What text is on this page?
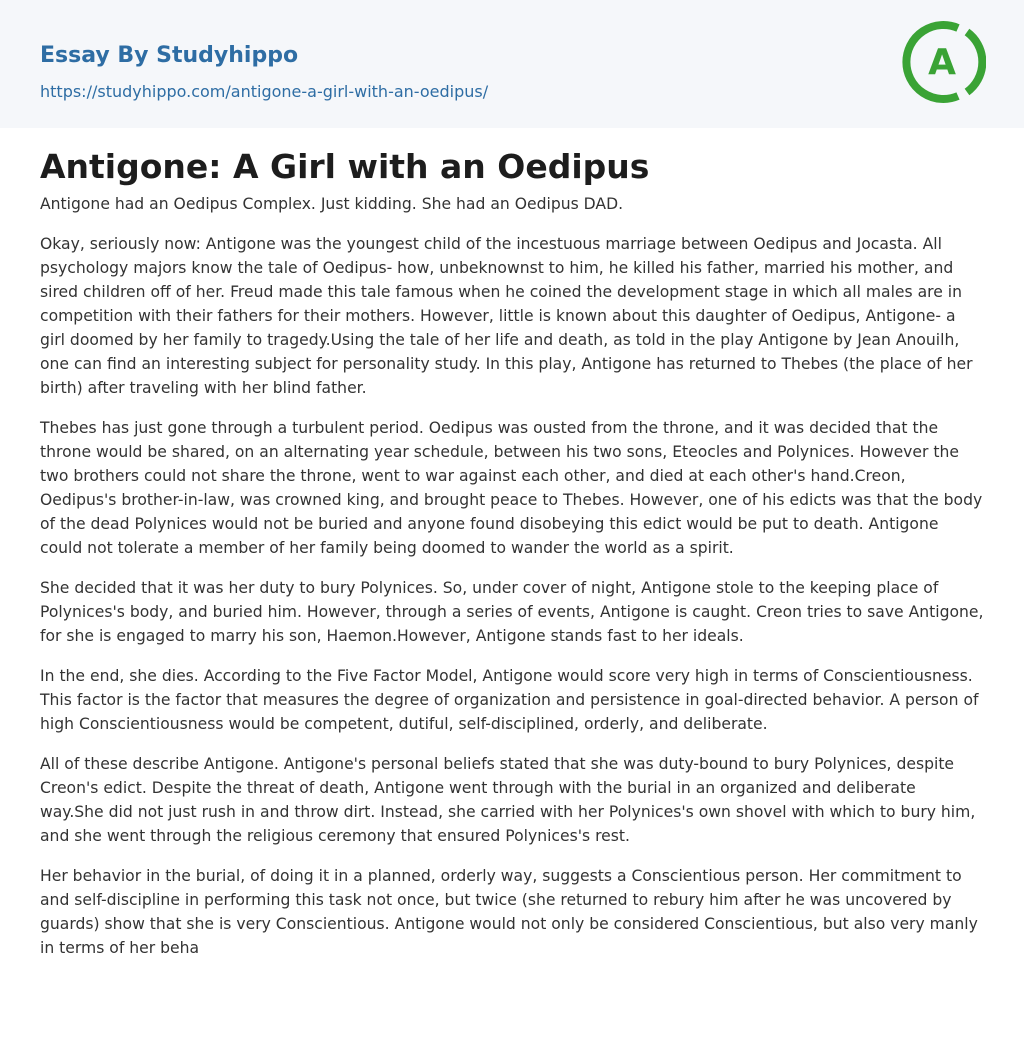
Essay By Studyhippo
https://studyhippo.com/antigone-a-girl-with-an-oedipus/
A
Antigone: A Girl with an Oedipus

Antigone had an Oedipus Complex. Just kidding. She had an Oedipus DAD.

Okay, seriously now: Antigone was the youngest child of the incestuous marriage between Oedipus and Jocasta. All psychology majors know the tale of Oedipus- how, unbeknownst to him, he killed his father, married his mother, and sired children off of her. Freud made this tale famous when he coined the development stage in which all males are in competition with their fathers for their mothers. However, little is known about this daughter of Oedipus, Antigone- a girl doomed by her family to tragedy.Using the tale of her life and death, as told in the play Antigone by Jean Anouilh, one can find an interesting subject for personality study. In this play, Antigone has returned to Thebes (the place of her birth) after traveling with her blind father.

Thebes has just gone through a turbulent period. Oedipus was ousted from the throne, and it was decided that the throne would be shared, on an alternating year schedule, between his two sons, Eteocles and Polynices. However the two brothers could not share the throne, went to war against each other, and died at each other's hand.Creon, Oedipus's brother-in-law, was crowned king, and brought peace to Thebes. However, one of his edicts was that the body of the dead Polynices would not be buried and anyone found disobeying this edict would be put to death. Antigone could not tolerate a member of her family being doomed to wander the world as a spirit.

She decided that it was her duty to bury Polynices. So, under cover of night, Antigone stole to the keeping place of Polynices's body, and buried him. However, through a series of events, Antigone is caught. Creon tries to save Antigone, for she is engaged to marry his son, Haemon.However, Antigone stands fast to her ideals.

In the end, she dies. According to the Five Factor Model, Antigone would score very high in terms of Conscientiousness. This factor is the factor that measures the degree of organization and persistence in goal-directed behavior. A person of high Conscientiousness would be competent, dutiful, self-disciplined, orderly, and deliberate.

All of these describe Antigone. Antigone's personal beliefs stated that she was duty-bound to bury Polynices, despite Creon's edict. Despite the threat of death, Antigone went through with the burial in an organized and deliberate way.She did not just rush in and throw dirt. Instead, she carried with her Polynices's own shovel with which to bury him, and she went through the religious ceremony that ensured Polynices's rest.

Her behavior in the burial, of doing it in a planned, orderly way, suggests a Conscientious person. Her commitment to and self-discipline in performing this task not once, but twice (she returned to rebury him after he was uncovered by guards) show that she is very Conscientious. Antigone would not only be considered Conscientious, but also very manly in terms of her beha
